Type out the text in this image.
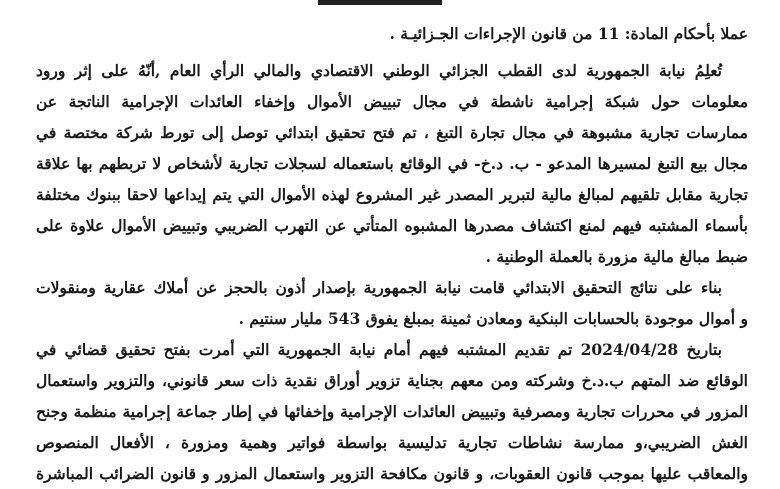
عملا بأحكام المادة: 11 من قانون الإجراءات الجـزائيـة .
تُعلِمُ نيابة الجمهورية لدى القطب الجزائي الوطني الاقتصادي والمالي الرأي العام ,أنّهُ على إثر ورود
معلومات حول شبكة إجرامية ناشطة في مجال تبييض الأموال وإخفاء العائدات الإجرامية الناتجة عن
ممارسات تجارية مشبوهة في مجال تجارة التبغ ، تم فتح تحقيق ابتدائي توصل إلى تورط شركة مختصة في
مجال بيع التبغ لمسيرها المدعو - ب. د.خ- في الوقائع باستعماله لسجلات تجارية لأشخاص لا تربطهم بها علاقة
تجارية مقابل تلقيهم لمبالغ مالية لتبرير المصدر غير المشروع لهذه الأموال التي يتم إيداعها لاحقا ببنوك مختلفة
بأسماء المشتبه فيهم لمنع اكتشاف مصدرها المشبوه المتأتي عن التهرب الضريبي وتبييض الأموال علاوة على
ضبط مبالغ مالية مزورة بالعملة الوطنية .
بناء على نتائج التحقيق الابتدائي قامت نيابة الجمهورية بإصدار أذون بالحجز عن أملاك عقارية ومنقولات
و أموال موجودة بالحسابات البنكية ومعادن ثمينة بمبلغ يفوق 543 مليار سنتيم .
بتاريخ 2024/04/28 تم تقديم المشتبه فيهم أمام نيابة الجمهورية التي أمرت بفتح تحقيق قضائي في
الوقائع ضد المتهم ب.د.خ وشركته ومن معهم بجناية تزوير أوراق نقدية ذات سعر قانوني، والتزوير واستعمال
المزور في محررات تجارية ومصرفية وتبييض العائدات الإجرامية وإخفائها في إطار جماعة إجرامية منظمة وجنح
الغش الضريبي،و ممارسة نشاطات تجارية تدليسية بواسطة فواتير وهمية ومزورة ، الأفعال المنصوص
والمعاقب عليها بموجب قانون العقوبات، و قانون مكافحة التزوير واستعمال المزور و قانون الضرائب المباشرة
